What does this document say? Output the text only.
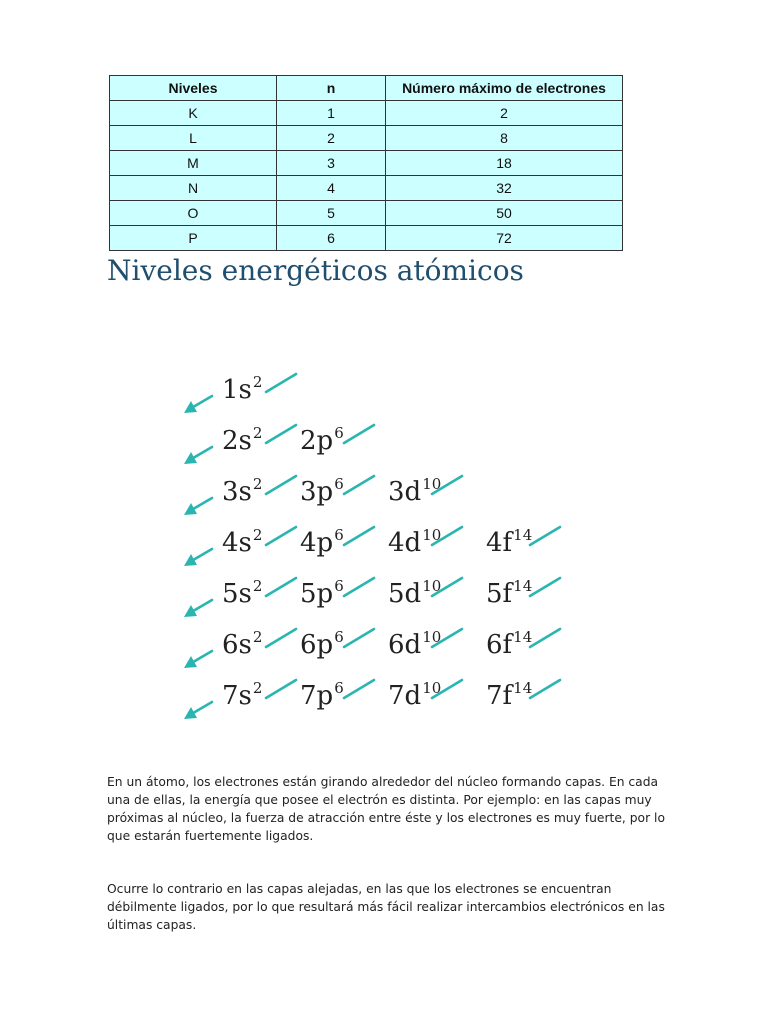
Niveles	n	Número máximo de electrones
K	1	2
L	2	8
M	3	18
N	4	32
O	5	50
P	6	72
Niveles energéticos atómicos
$1s^2$
$2s^2$ $2p^6$
$3s^2$ $3p^6$ $3d^{10}$
$4s^2$ $4p^6$ $4d^{10}$ $4f^{14}$
$5s^2$ $5p^6$ $5d^{10}$ $5f^{14}$
$6s^2$ $6p^6$ $6d^{10}$ $6f^{14}$
$7s^2$ $7p^6$ $7d^{10}$ $7f^{14}$

En un átomo, los electrones están girando alrededor del núcleo formando capas. En cada una de ellas, la energía que posee el electrón es distinta. Por ejemplo: en las capas muy próximas al núcleo, la fuerza de atracción entre éste y los electrones es muy fuerte, por lo que estarán fuertemente ligados.

Ocurre lo contrario en las capas alejadas, en las que los electrones se encuentran débilmente ligados, por lo que resultará más fácil realizar intercambios electrónicos en las últimas capas.
